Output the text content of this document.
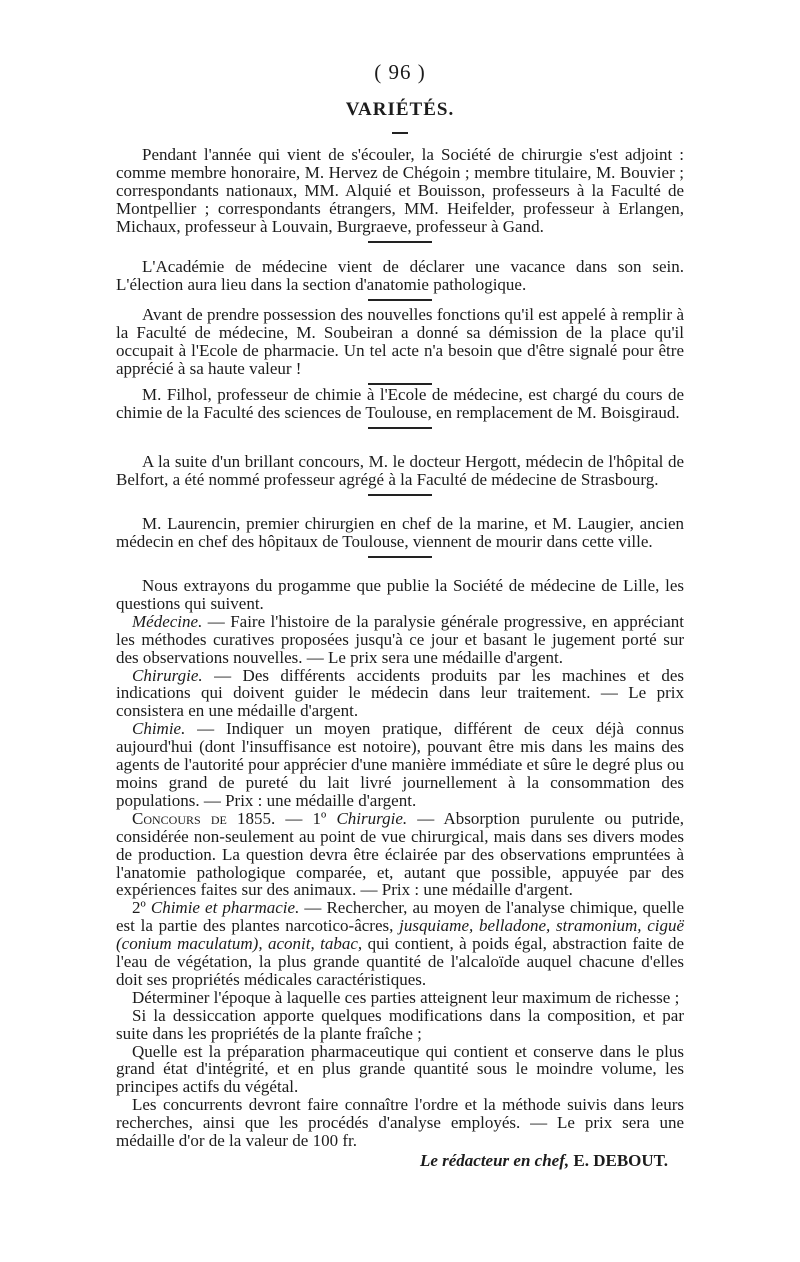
( 96 )
VARIÉTÉS.

Pendant l'année qui vient de s'écouler, la Société de chirurgie s'est adjoint : comme membre honoraire, M. Hervez de Chégoin ; membre titulaire, M. Bouvier ; correspondants nationaux, MM. Alquié et Bouisson, professeurs à la Faculté de Montpellier ; correspondants étrangers, MM. Heifelder, professeur à Erlangen, Michaux, professeur à Louvain, Burgraeve, professeur à Gand.

L'Académie de médecine vient de déclarer une vacance dans son sein. L'élection aura lieu dans la section d'anatomie pathologique.

Avant de prendre possession des nouvelles fonctions qu'il est appelé à remplir à la Faculté de médecine, M. Soubeiran a donné sa démission de la place qu'il occupait à l'Ecole de pharmacie. Un tel acte n'a besoin que d'être signalé pour être apprécié à sa haute valeur !

M. Filhol, professeur de chimie à l'Ecole de médecine, est chargé du cours de chimie de la Faculté des sciences de Toulouse, en remplacement de M. Boisgiraud.

A la suite d'un brillant concours, M. le docteur Hergott, médecin de l'hôpital de Belfort, a été nommé professeur agrégé à la Faculté de médecine de Strasbourg.

M. Laurencin, premier chirurgien en chef de la marine, et M. Laugier, ancien médecin en chef des hôpitaux de Toulouse, viennent de mourir dans cette ville.

Nous extrayons du progamme que publie la Société de médecine de Lille, les questions qui suivent.

Médecine. — Faire l'histoire de la paralysie générale progressive, en appréciant les méthodes curatives proposées jusqu'à ce jour et basant le jugement porté sur des observations nouvelles. — Le prix sera une médaille d'argent.

Chirurgie. — Des différents accidents produits par les machines et des indications qui doivent guider le médecin dans leur traitement. — Le prix consistera en une médaille d'argent.

Chimie. — Indiquer un moyen pratique, différent de ceux déjà connus aujourd'hui (dont l'insuffisance est notoire), pouvant être mis dans les mains des agents de l'autorité pour apprécier d'une manière immédiate et sûre le degré plus ou moins grand de pureté du lait livré journellement à la consommation des populations. — Prix : une médaille d'argent.

Concours de 1855. — 1º Chirurgie. — Absorption purulente ou putride, considérée non-seulement au point de vue chirurgical, mais dans ses divers modes de production. La question devra être éclairée par des observations empruntées à l'anatomie pathologique comparée, et, autant que possible, appuyée par des expériences faites sur des animaux. — Prix : une médaille d'argent.

2º Chimie et pharmacie. — Rechercher, au moyen de l'analyse chimique, quelle est la partie des plantes narcotico-âcres, jusquiame, belladone, stramonium, ciguë (conium maculatum), aconit, tabac, qui contient, à poids égal, abstraction faite de l'eau de végétation, la plus grande quantité de l'alcaloïde auquel chacune d'elles doit ses propriétés médicales caractéristiques.

Déterminer l'époque à laquelle ces parties atteignent leur maximum de richesse ;

Si la dessiccation apporte quelques modifications dans la composition, et par suite dans les propriétés de la plante fraîche ;

Quelle est la préparation pharmaceutique qui contient et conserve dans le plus grand état d'intégrité, et en plus grande quantité sous le moindre volume, les principes actifs du végétal.

Les concurrents devront faire connaître l'ordre et la méthode suivis dans leurs recherches, ainsi que les procédés d'analyse employés. — Le prix sera une médaille d'or de la valeur de 100 fr.

Le rédacteur en chef, E. DEBOUT.
